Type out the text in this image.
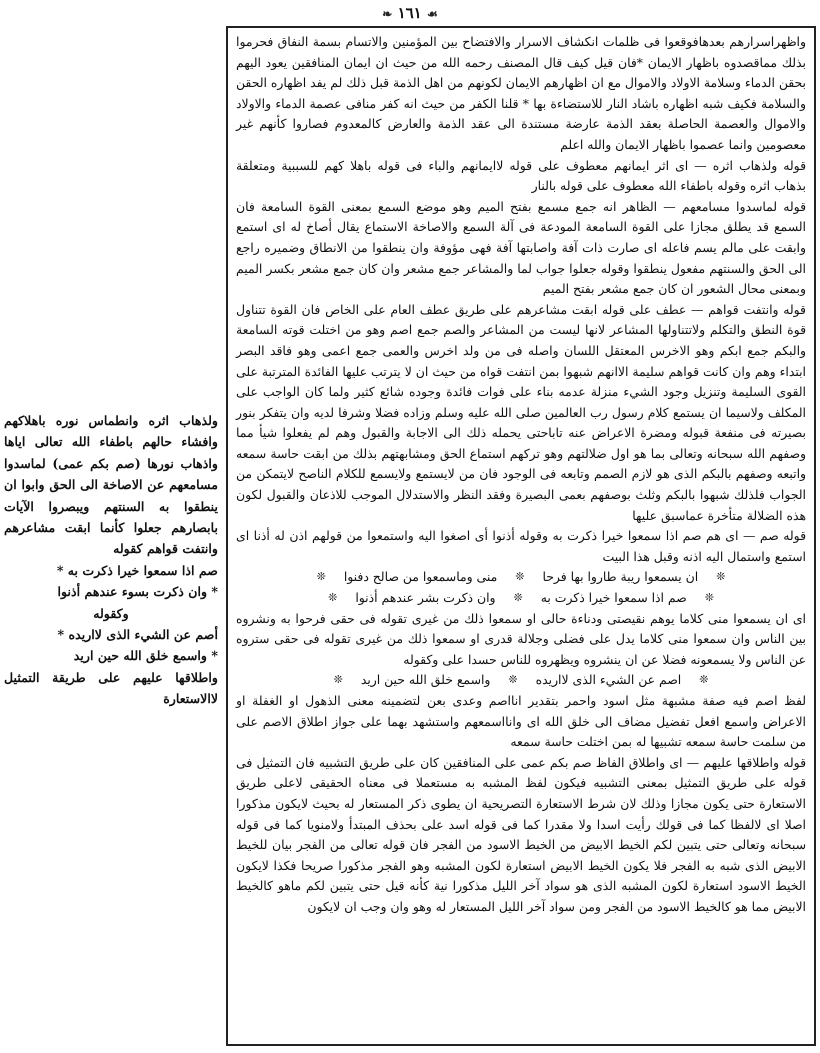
❧ ١٦١ ☙

واظهراسرارهم بعدهافوقعوا فى ظلمات انكشاف الاسرار والافتضاح بين المؤمنين والاتسام بسمة النفاق فحرموا بذلك مماقصدوه باظهار الايمان *فان قيل كيف قال المصنف رحمه الله من حيث ان ايمان المنافقين يعود اليهم بحقن الدماء وسلامة الاولاد والاموال مع ان اظهارهم الايمان لكونهم من اهل الذمة قبل ذلك لم يفد اظهاره الحقن والسلامة فكيف شبه اظهاره باشاد النار للاستضاءة بها * قلنا الكفر من حيث انه كفر منافى عصمة الدماء والاولاد والاموال والعصمة الحاصلة بعقد الذمة عارضة مستندة الى عقد الذمة والعارض كالمعدوم فصاروا كأنهم غير معصومين وانما عصموا باظهار الايمان والله اعلم

قوله ولذهاب اثره — اى اثر ايمانهم معطوف على قوله لاايمانهم والباء فى قوله باهلا كهم للسببية ومتعلقة بذهاب اثره وقوله باطفاء الله معطوف على قوله بالنار

قوله لماسدوا مسامعهم — الظاهر انه جمع مسمع بفتح الميم وهو موضع السمع بمعنى القوة السامعة فان السمع قد يطلق مجازا على القوة السامعة المودعة فى آلة السمع والاصاخة الاستماع يقال أصاخ له اى استمع وابقت على مالم يسم فاعله اى صارت ذات آفة واصابتها آفة فهى مؤوفة وان ينطقوا من الانطاق وضميره راجع الى الحق والسنتهم مفعول ينطقوا وقوله جعلوا جواب لما والمشاعر جمع مشعر وان كان جمع مشعر بكسر الميم وبمعنى محال الشعور ان كان جمع مشعر بفتح الميم

قوله وانتفت قواهم — عطف على قوله ابقت مشاعرهم على طريق عطف العام على الخاص فان القوة تتناول قوة النطق والتكلم ولاتتناولها المشاعر لانها ليست من المشاعر والصم جمع اصم وهو من اختلت قوته السامعة والبكم جمع ابكم وهو الاخرس المعتقل اللسان واصله فى من ولد اخرس والعمى جمع اعمى وهو فاقد البصر ابتداء وهم وان كانت قواهم سليمة الاانهم شبهوا بمن انتفت قواه من حيث ان لا يترتب عليها الفائدة المترتبة على القوى السليمة وتنزيل وجود الشيء منزلة عدمه بناء على فوات فائدة وجوده شائع كثير ولما كان الواجب على المكلف ولاسيما ان يستمع كلام رسول رب العالمين صلى الله عليه وسلم وزاده فضلا وشرفا لديه وان يتفكر بنور بصيرته فى منفعة قبوله ومضرة الاعراض عنه تاباحتى يحمله ذلك الى الاجابة والقبول وهم لم يفعلوا شيأ مما وصفهم الله سبحانه وتعالى بما هو اول ضلالتهم وهو تركهم استماع الحق ومشابهتهم بذلك من ابقت حاسة سمعه واتبعه وصفهم بالبكم الذى هو لازم الصمم وتابعه فى الوجود فان من لايستمع ولايسمع للكلام الناصح لايتمكن من الجواب فلذلك شبهوا بالبكم وثلث بوصفهم بعمى البصيرة وفقد النظر والاستدلال الموجب للاذعان والقبول لكون هذه الضلالة متأخرة عماسبق عليها

قوله صم — اى هم صم اذا سمعوا خيرا ذكرت به وقوله أذنوا أى اصغوا اليه واستمعوا من قولهم اذن له أذنا اى استمع واستمال اليه اذنه وقبل هذا البيت

❊
ان يسمعوا ريبة طاروا بها فرحا
❊
منى وماسمعوا من صالح دفنوا
❊
❊
صم اذا سمعوا خيرا ذكرت به
❊
وان ذكرت بشر عندهم أذنوا
❊

اى ان يسمعوا منى كلاما يوهم نقيصتى ودناءة حالى او سمعوا ذلك من غيرى تقوله فى حقى فرحوا به ونشروه بين الناس وان سمعوا منى كلاما يدل على فضلى وجلالة قدرى او سمعوا ذلك من غيرى تقوله فى حقى ستروه عن الناس ولا يسمعونه فضلا عن ان ينشروه ويظهروه للناس حسدا على وكقوله

❊
اصم عن الشيء الذى لااريده
❊
واسمع خلق الله حين اريد
❊

لفظ اصم فيه صفة مشبهة مثل اسود واحمر بتقدير انااصم وعدى بعن لتضمينه معنى الذهول او الغفلة او الاعراض واسمع افعل تفضيل مضاف الى خلق الله اى وانااسمعهم واستشهد بهما على جواز اطلاق الاصم على من سلمت حاسة سمعه تشبيها له بمن اختلت حاسة سمعه

قوله واطلاقها عليهم — اى واطلاق الفاظ صم بكم عمى على المنافقين كان على طريق التشبيه فان التمثيل فى قوله على طريق التمثيل بمعنى التشبيه فيكون لفظ المشبه به مستعملا فى معناه الحقيقى لاعلى طريق الاستعارة حتى يكون مجازا وذلك لان شرط الاستعارة التصريحية ان يطوى ذكر المستعار له بحيث لايكون مذكورا اصلا اى لالفظا كما فى قولك رأيت اسدا ولا مقدرا كما فى قوله اسد على بحذف المبتدأ ولامنويا كما فى قوله سبحانه وتعالى حتى يتبين لكم الخيط الابيض من الخيط الاسود من الفجر فان قوله تعالى من الفجر بيان للخيط الابيض الذى شبه به الفجر فلا يكون الخيط الابيض استعارة لكون المشبه وهو الفجر مذكورا صريحا فكذا لايكون الخيط الاسود استعارة لكون المشبه الذى هو سواد آخر الليل مذكورا نية كأنه قيل حتى يتبين لكم ماهو كالخيط الابيض مما هو كالخيط الاسود من الفجر ومن سواد آخر الليل المستعار له وهو وان وجب ان لايكون

ولذهاب اثره وانطماس نوره باهلاكهم وافشاء حالهم باطفاء الله تعالى اياها واذهاب نورها (صم بكم عمى) لماسدوا مسامعهم عن الاصاخة الى الحق وابوا ان ينطقوا به السنتهم ويبصروا الآيات بابصارهم جعلوا كأنما ابقت مشاعرهم وانتفت قواهم كقوله

صم اذا سمعوا خيرا ذكرت به *

* وان ذكرت بسوء عندهم أذنوا

وكقوله

أصم عن الشيء الذى لااريده *

* واسمع خلق الله حين اريد

واطلاقها عليهم على طريقة التمثيل لاالاستعارة
